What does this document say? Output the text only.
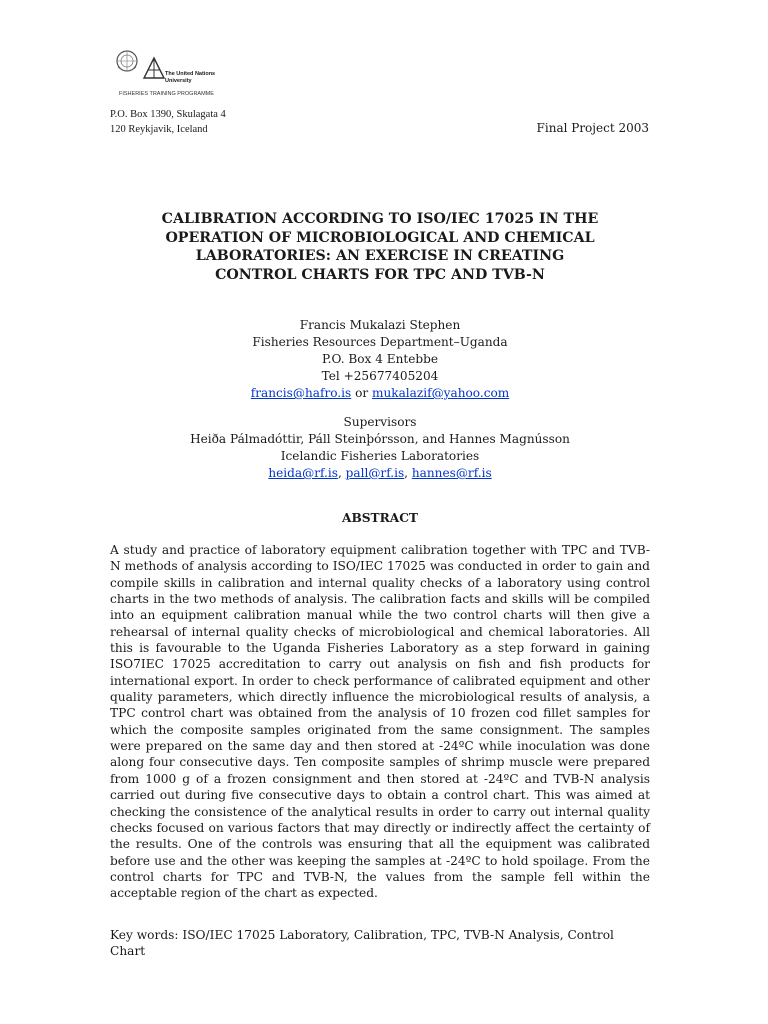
The United Nations University
FISHERIES TRAINING PROGRAMME
P.O. Box 1390, Skulagata 4
120 Reykjavik, Iceland	Final Project 2003
CALIBRATION ACCORDING TO ISO/IEC 17025 IN THE
OPERATION OF MICROBIOLOGICAL AND CHEMICAL
LABORATORIES: AN EXERCISE IN CREATING
CONTROL CHARTS FOR TPC AND TVB-N
Francis Mukalazi Stephen
Fisheries Resources Department–Uganda
P.O. Box 4 Entebbe
Tel +25677405204
francis@hafro.is or mukalazif@yahoo.com
Supervisors
Heiða Pálmadóttir, Páll Steinþórsson, and Hannes Magnússon
Icelandic Fisheries Laboratories
heida@rf.is, pall@rf.is, hannes@rf.is
ABSTRACT
A study and practice of laboratory equipment calibration together with TPC and TVB-N methods of analysis according to ISO/IEC 17025 was conducted in order to gain and compile skills in calibration and internal quality checks of a laboratory using control charts in the two methods of analysis. The calibration facts and skills will be compiled into an equipment calibration manual while the two control charts will then give a rehearsal of internal quality checks of microbiological and chemical laboratories. All this is favourable to the Uganda Fisheries Laboratory as a step forward in gaining ISO7IEC 17025 accreditation to carry out analysis on fish and fish products for international export. In order to check performance of calibrated equipment and other quality parameters, which directly influence the microbiological results of analysis, a TPC control chart was obtained from the analysis of 10 frozen cod fillet samples for which the composite samples originated from the same consignment. The samples were prepared on the same day and then stored at -24ºC while inoculation was done along four consecutive days. Ten composite samples of shrimp muscle were prepared from 1000 g of a frozen consignment and then stored at -24ºC and TVB-N analysis carried out during five consecutive days to obtain a control chart. This was aimed at checking the consistence of the analytical results in order to carry out internal quality checks focused on various factors that may directly or indirectly affect the certainty of the results. One of the controls was ensuring that all the equipment was calibrated before use and the other was keeping the samples at -24ºC to hold spoilage. From the control charts for TPC and TVB-N, the values from the sample fell within the acceptable region of the chart as expected.
Key words: ISO/IEC 17025 Laboratory, Calibration, TPC, TVB-N Analysis, Control Chart
